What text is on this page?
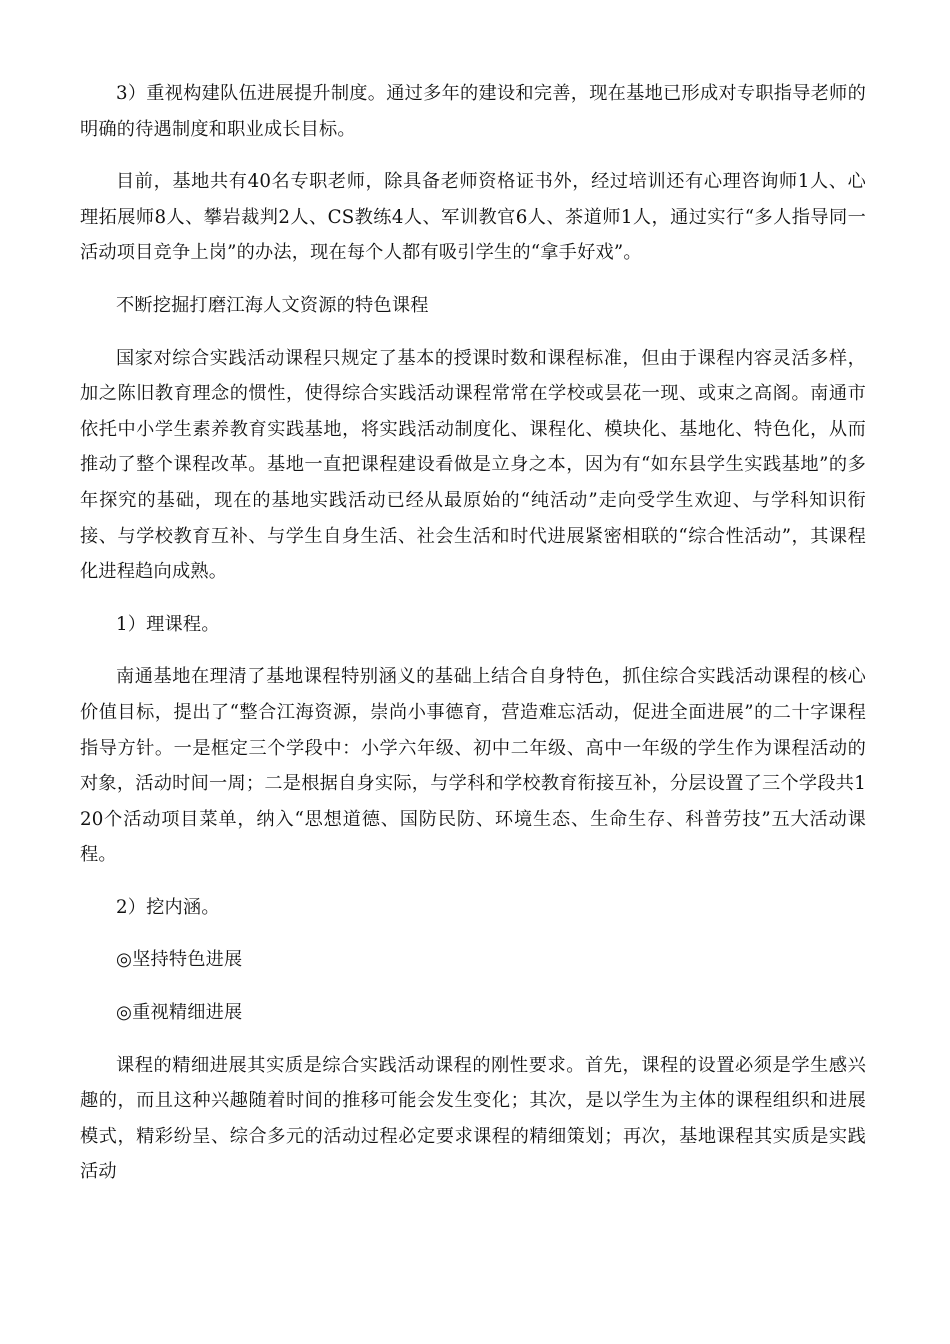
3）重视构建队伍进展提升制度。通过多年的建设和完善，现在基地已形成对专职指导老师的明确的待遇制度和职业成长目标。

目前，基地共有40名专职老师，除具备老师资格证书外，经过培训还有心理咨询师1人、心理拓展师8人、攀岩裁判2人、CS教练4人、军训教官6人、茶道师1人，通过实行“多人指导同一活动项目竞争上岗”的办法，现在每个人都有吸引学生的“拿手好戏”。

不断挖掘打磨江海人文资源的特色课程

国家对综合实践活动课程只规定了基本的授课时数和课程标准，但由于课程内容灵活多样，加之陈旧教育理念的惯性，使得综合实践活动课程常常在学校或昙花一现、或束之高阁。南通市依托中小学生素养教育实践基地，将实践活动制度化、课程化、模块化、基地化、特色化，从而推动了整个课程改革。基地一直把课程建设看做是立身之本，因为有“如东县学生实践基地”的多年探究的基础，现在的基地实践活动已经从最原始的“纯活动”走向受学生欢迎、与学科知识衔接、与学校教育互补、与学生自身生活、社会生活和时代进展紧密相联的“综合性活动”，其课程化进程趋向成熟。

1）理课程。

南通基地在理清了基地课程特别涵义的基础上结合自身特色，抓住综合实践活动课程的核心价值目标，提出了“整合江海资源，崇尚小事德育，营造难忘活动，促进全面进展”的二十字课程指导方针。一是框定三个学段中：小学六年级、初中二年级、高中一年级的学生作为课程活动的对象，活动时间一周；二是根据自身实际，与学科和学校教育衔接互补，分层设置了三个学段共120个活动项目菜单，纳入“思想道德、国防民防、环境生态、生命生存、科普劳技”五大活动课程。

2）挖内涵。

◎坚持特色进展

◎重视精细进展

课程的精细进展其实质是综合实践活动课程的刚性要求。首先，课程的设置必须是学生感兴趣的，而且这种兴趣随着时间的推移可能会发生变化；其次，是以学生为主体的课程组织和进展模式，精彩纷呈、综合多元的活动过程必定要求课程的精细策划；再次，基地课程其实质是实践活动
